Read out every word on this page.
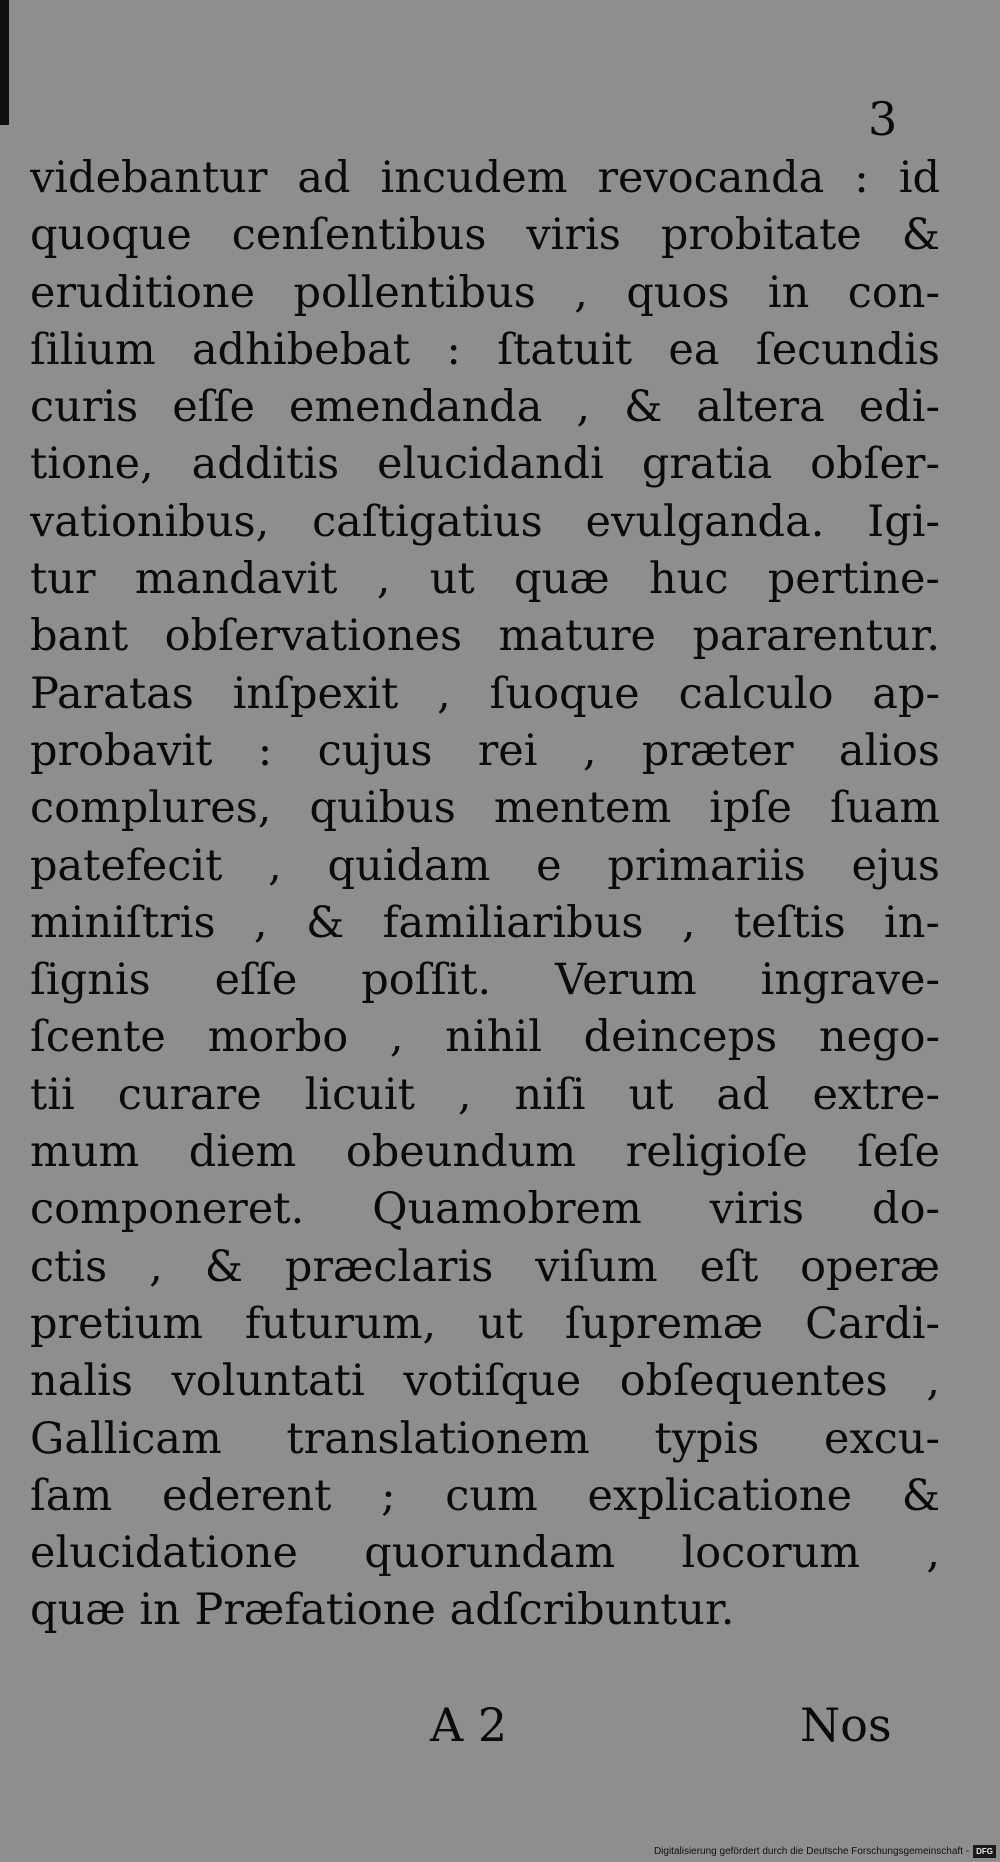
3
videbantur ad incudem revocanda : id
quoque cenſentibus viris probitate &
eruditione pollentibus , quos in con-
ſilium adhibebat : ſtatuit ea ſecundis
curis eſſe emendanda , & altera edi-
tione, additis elucidandi gratia obſer-
vationibus, caſtigatius evulganda. Igi-
tur mandavit , ut quæ huc pertine-
bant obſervationes mature pararentur.
Paratas inſpexit , ſuoque calculo ap-
probavit : cujus rei , præter alios
complures, quibus mentem ipſe ſuam
patefecit , quidam e primariis ejus
miniſtris , & familiaribus , teſtis in-
ſignis eſſe poſſit. Verum ingrave-
ſcente morbo , nihil deinceps nego-
tii curare licuit , niſi ut ad extre-
mum diem obeundum religioſe ſeſe
componeret. Quamobrem viris do-
ctis , & præclaris viſum eſt operæ
pretium futurum, ut ſupremæ Cardi-
nalis voluntati votiſque obſequentes ,
Gallicam translationem typis excu-
ſam ederent ; cum explicatione &
elucidatione quorundam locorum ,
quæ in Præfatione adſcribuntur.
A 2	Nos
Digitalisierung gefördert durch die Deutsche Forschungsgemeinschaft - DFG
